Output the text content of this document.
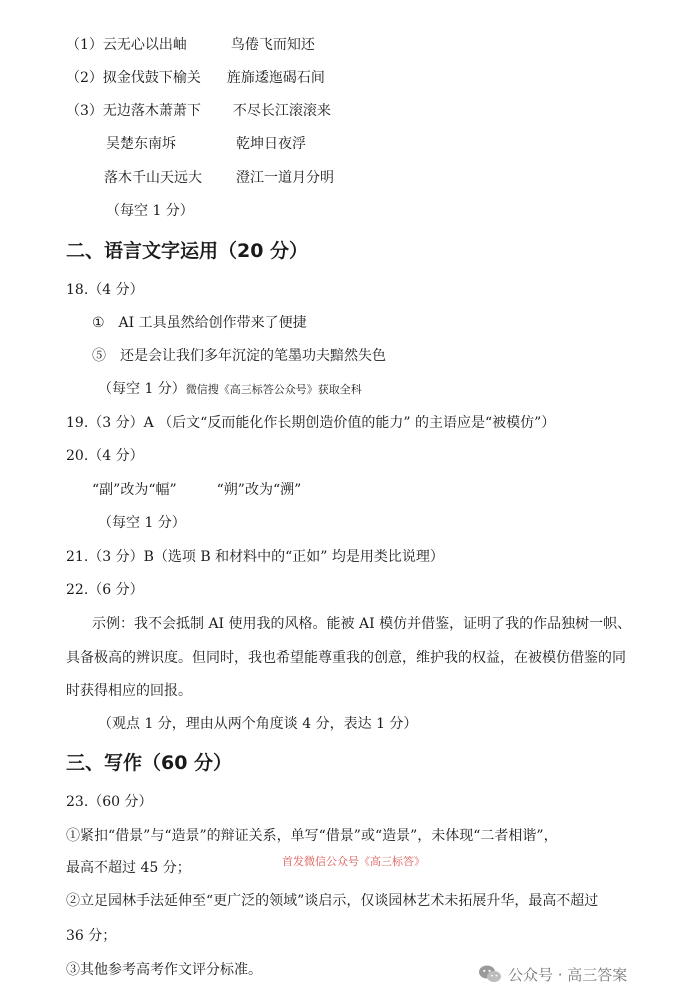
（1）云无心以出岫	鸟倦飞而知还
（2）㧐金伐鼓下榆关 旌旆逶迤碣石间
（3）无边落木萧萧下 不尽长江滚滚来
吴楚东南坼	乾坤日夜浮
落木千山天远大 澄江一道月分明
（每空 1 分）
二、语言文字运用（20 分）
18.（4 分）
①　AI 工具虽然给创作带来了便捷
⑤　还是会让我们多年沉淀的笔墨功夫黯然失色
（每空 1 分）微信搜《高三标答公众号》获取全科
19.（3 分）A （后文“反而能化作长期创造价值的能力” 的主语应是“被模仿”）
20.（4 分）
“副”改为“幅”	“朔”改为“溯”
（每空 1 分）
21.（3 分）B（选项 B 和材料中的“正如” 均是用类比说理）
22.（6 分）
示例：我不会抵制 AI 使用我的风格。能被 AI 模仿并借鉴，证明了我的作品独树一帜、
具备极高的辨识度。但同时，我也希望能尊重我的创意，维护我的权益，在被模仿借鉴的同
时获得相应的回报。
（观点 1 分，理由从两个角度谈 4 分，表达 1 分）
三、写作（60 分）
23.（60 分）
①紧扣“借景”与“造景”的辩证关系，单写“借景”或“造景”，未体现“二者相谐”，
最高不超过 45 分；	首发微信公众号《高三标答》
②立足园林手法延伸至“更广泛的领域”谈启示，仅谈园林艺术未拓展升华，最高不超过
36 分；
③其他参考高考作文评分标准。	公众号 · 高三答案
